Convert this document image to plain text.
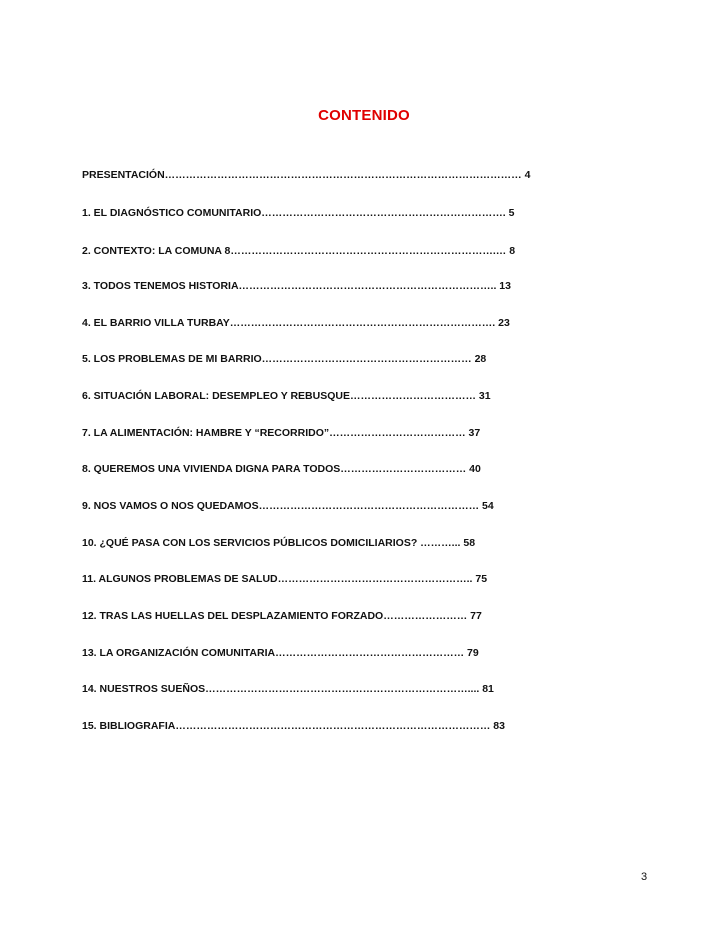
CONTENIDO
PRESENTACIÓN………………………………………………………………………………………… 4
1. EL DIAGNÓSTICO COMUNITARIO……………………………………………………………. 5
2. CONTEXTO: LA COMUNA 8………………………………………………………………….… 8
3. TODOS TENEMOS HISTORIA……………………………………………………………….. 13
4. EL BARRIO VILLA TURBAY…………………………………………………………………. 23
5. LOS PROBLEMAS DE MI BARRIO…………………………………………………… 28
6. SITUACIÓN LABORAL: DESEMPLEO Y REBUSQUE……………………………… 31
7. LA ALIMENTACIÓN: HAMBRE Y “RECORRIDO”………………………………… 37
8. QUEREMOS UNA VIVIENDA DIGNA PARA TODOS……………………………… 40
9. NOS VAMOS O NOS QUEDAMOS……………………………………………………… 54
10. ¿QUÉ PASA CON LOS SERVICIOS PÚBLICOS DOMICILIARIOS? ………... 58
11. ALGUNOS PROBLEMAS DE SALUD……………………………………………….. 75
12. TRAS LAS HUELLAS DEL DESPLAZAMIENTO FORZADO…………………… 77
13. LA ORGANIZACIÓN COMUNITARIA……………………………………………… 79
14. NUESTROS SUEÑOS………………………………………………………………….... 81
15. BIBLIOGRAFIA……………………………………………………………………………… 83
3
